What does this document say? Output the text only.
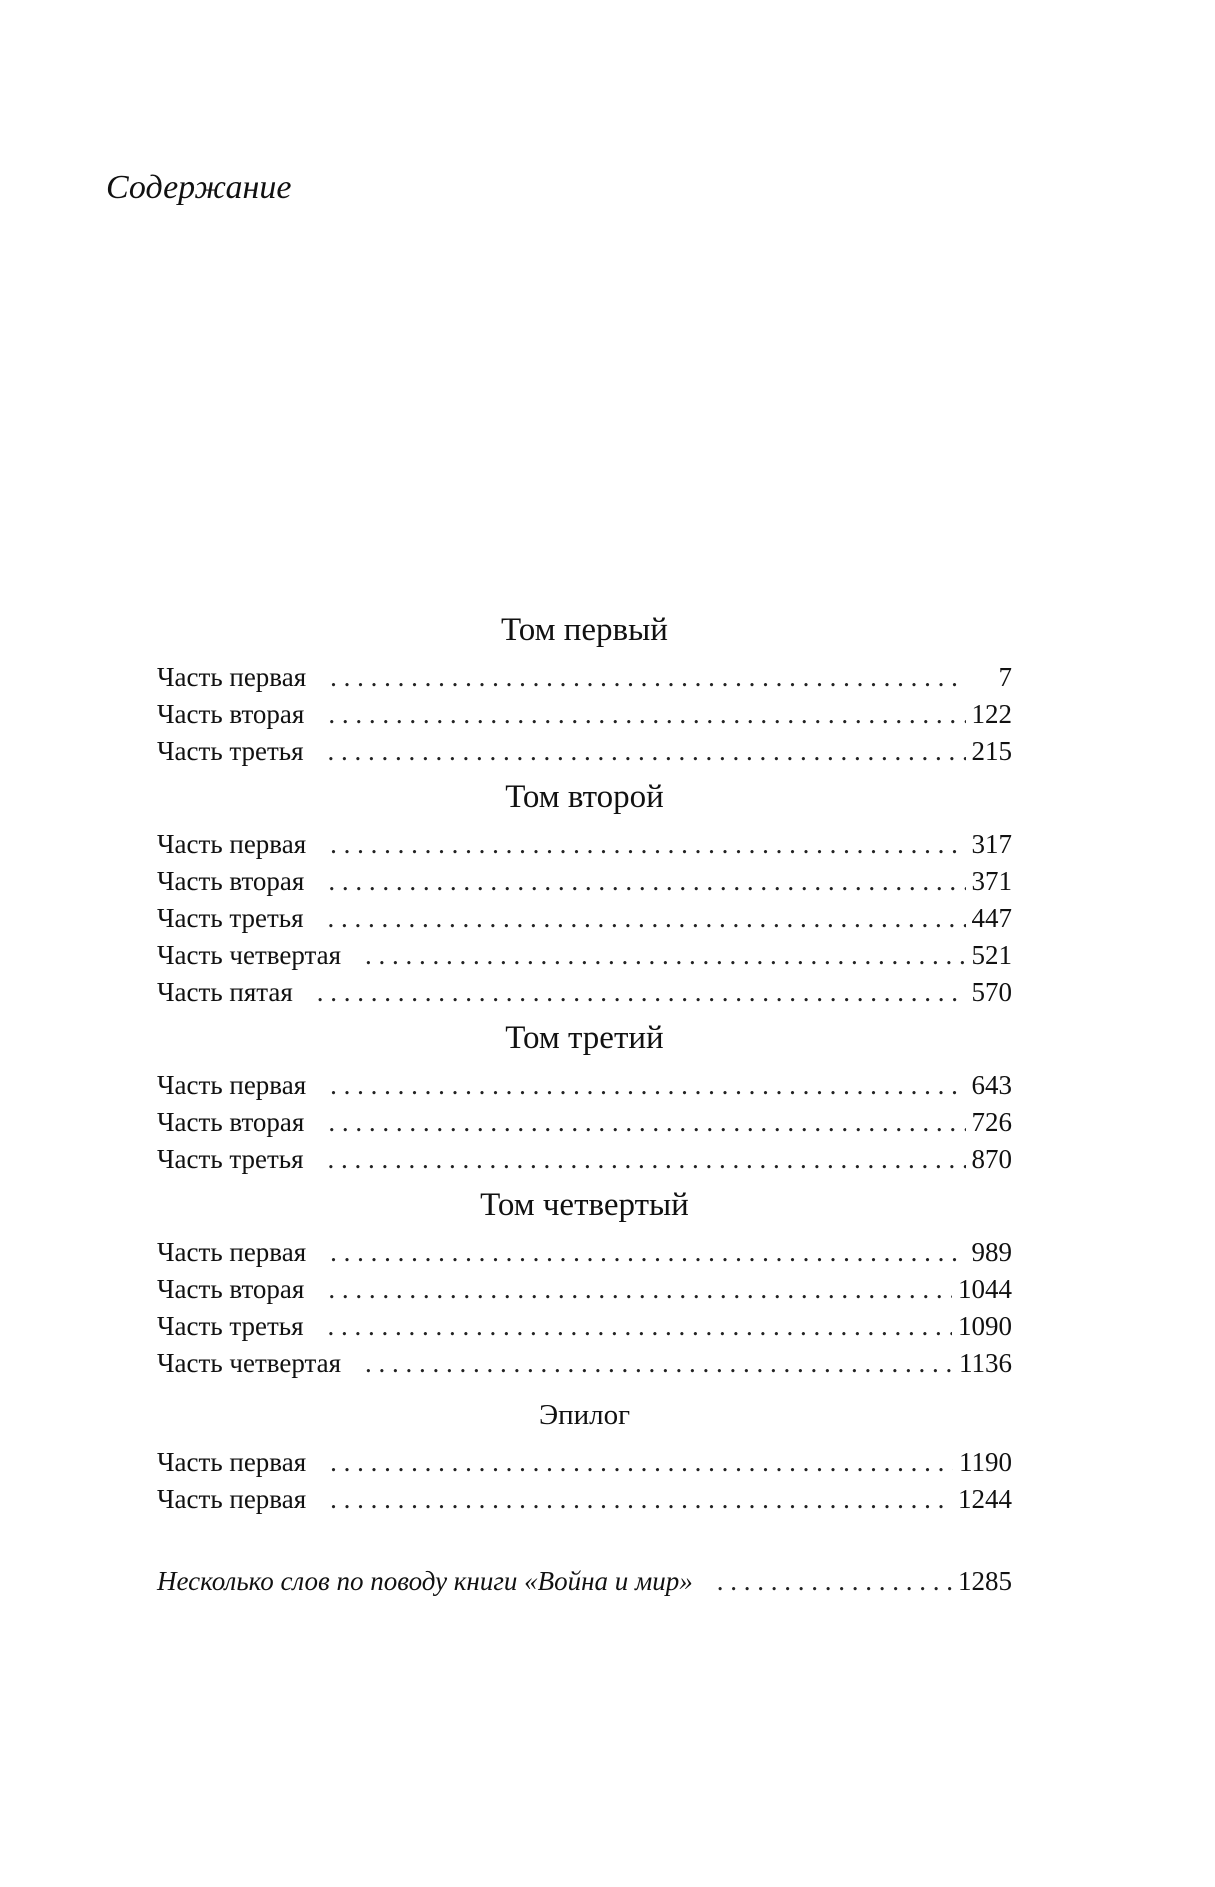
Содержание
Том первый
Часть первая . . .	7
Часть вторая . . .	122
Часть третья . . .	215
Том второй
Часть первая . . .	317
Часть вторая . . .	371
Часть третья . . .	447
Часть четвертая . . .	521
Часть пятая . . .	570
Том третий
Часть первая . . .	643
Часть вторая . . .	726
Часть третья . . .	870
Том четвертый
Часть первая . . .	989
Часть вторая . . .	1044
Часть третья . . .	1090
Часть четвертая . . .	1136
Эпилог
Часть первая . . .	1190
Часть первая . . .	1244
Несколько слов по поводу книги «Война и мир» . . .	1285
